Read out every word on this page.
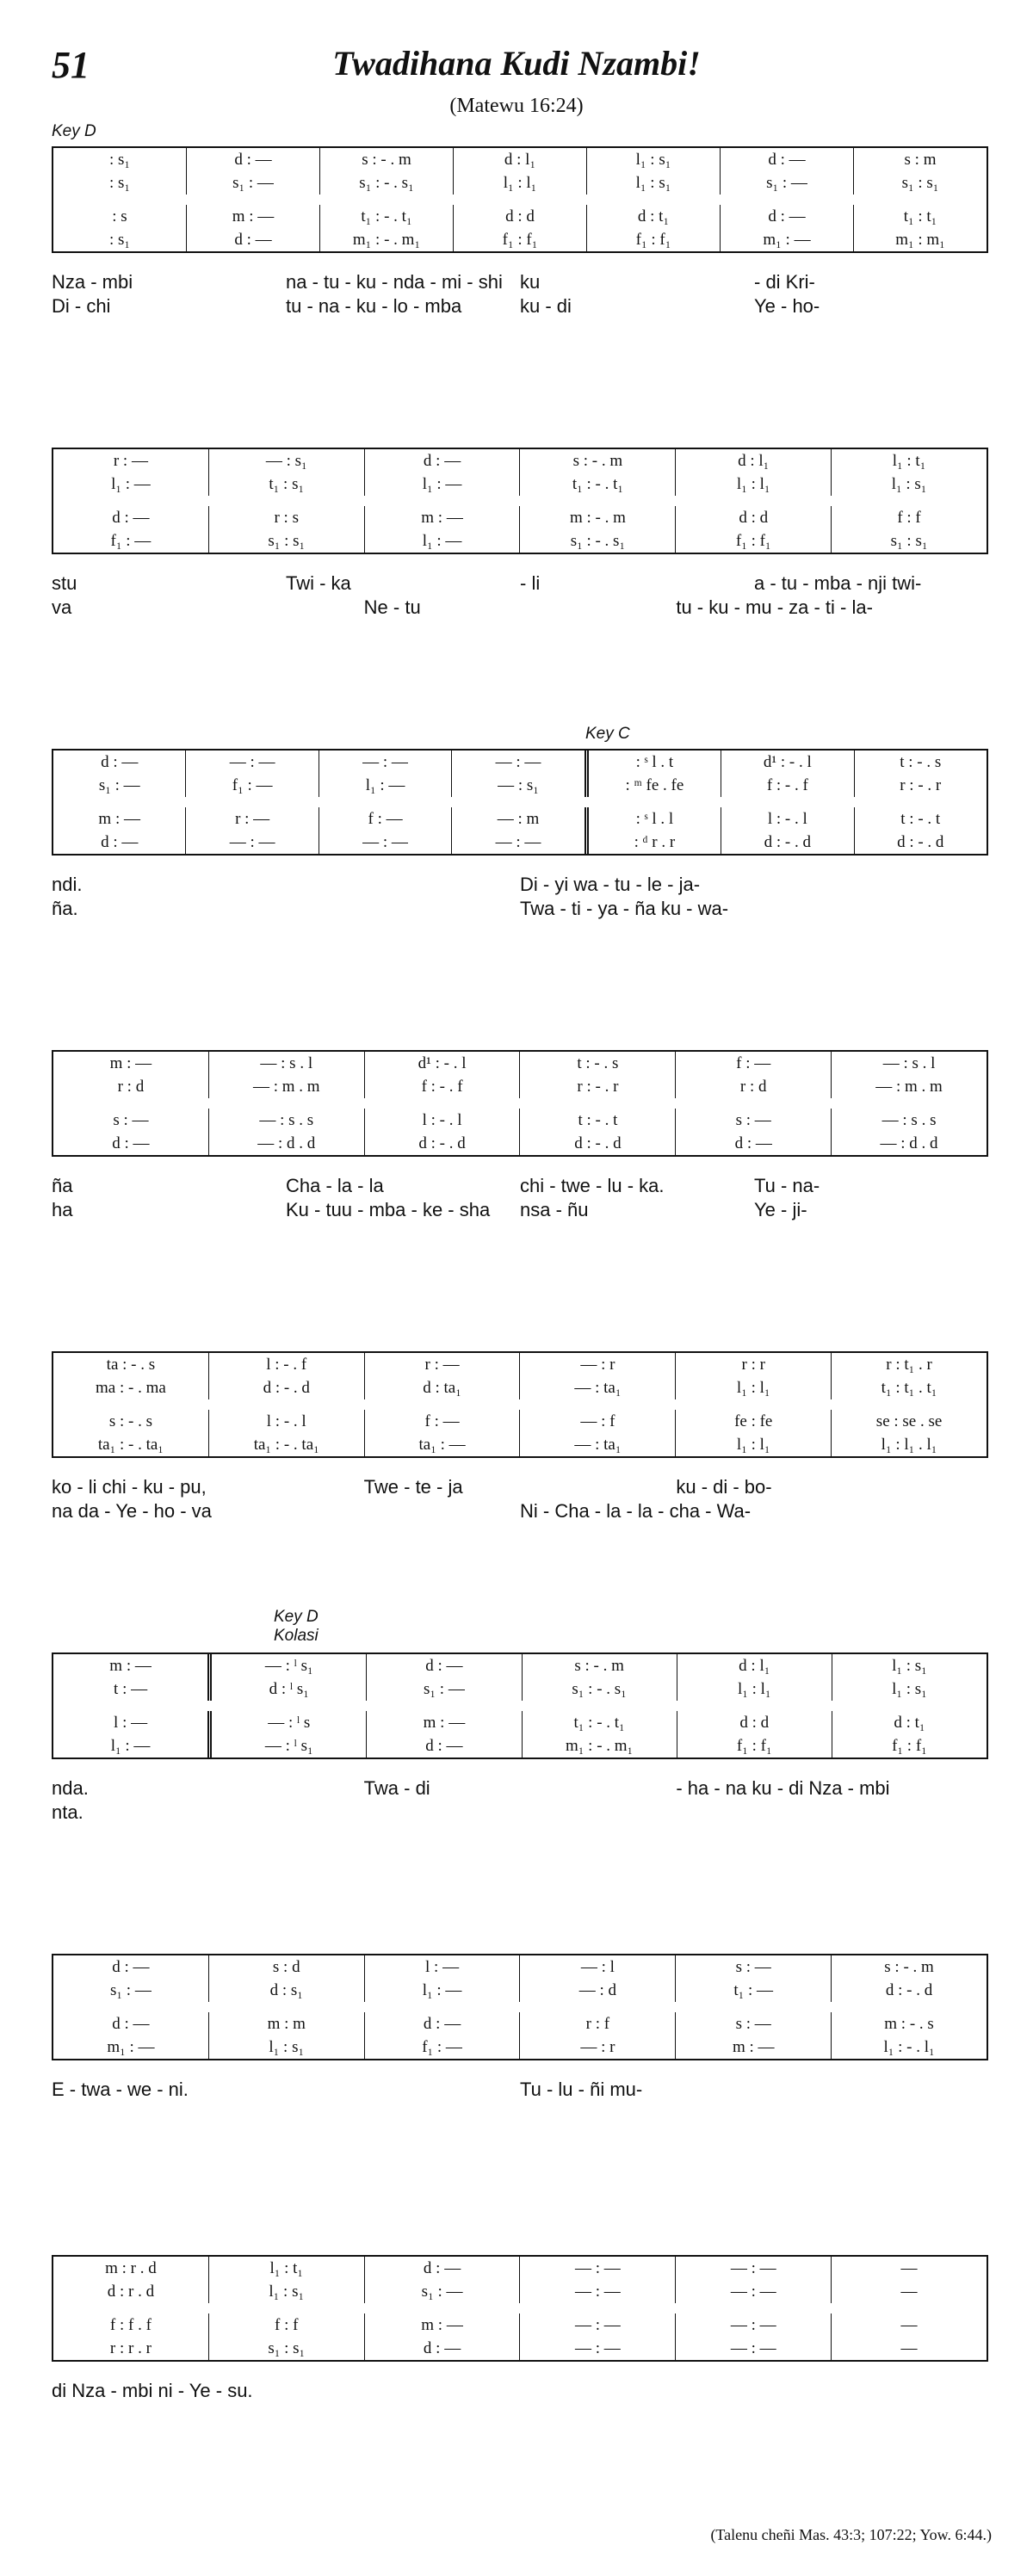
51	Twadihana Kudi Nzambi!
(Matewu 16:24)
Key D
: s₁	d : —	s : - . m	d : l₁	l₁ : s₁	d : —	s : m
: s₁	s₁ : —	s₁ : - . s₁	l₁ : l₁	l₁ : s₁	s₁ : —	s₁ : s₁
: s	m : —	t₁ : - . t₁	d : d	d : t₁	d : —	t₁ : t₁
: s₁	d : —	m₁ : - . m₁	f₁ : f₁	f₁ : f₁	m₁ : —	m₁ : m₁
Nza - mbi	na - tu - ku - nda - mi - shi ku	- di Kri-
Di - chi	tu - na - ku - lo - mba	ku - di	Ye - ho-
r : —	— : s₁	d : —	s : - . m	d : l₁	l₁ : t₁
l₁ : —	t₁ : s₁	l₁ : —	t₁ : - . t₁	l₁ : l₁	l₁ : s₁
d : —	r : s	m : —	m : - . m	d : d	f : f
f₁ : —	s₁ : s₁	l₁ : —	s₁ : - . s₁	f₁ : f₁	s₁ : s₁
stu	Twi - ka	- li	a - tu - mba - nji twi-
va	Ne - tu	tu - ku - mu - za - ti - la-
Key C
d : —	— : —	— : —	— : —	: ˢ l . t	d¹ : - . l	t : - . s
s₁ : —	f₁ : —	l₁ : —	— : s₁	: ᵐ fe . fe	f : - . f	r : - . r
m : —	r : —	f : —	— : m	: ˢ l . l	l : - . l	t : - . t
d : —	— : —	— : —	— : —	: ᵈ r . r	d : - . d	d : - . d
ndi.	Di - yi wa - tu - le - ja-
ña.	Twa - ti - ya - ña ku - wa-
m : —	— : s . l	d¹ : - . l	t : - . s	f : —	— : s . l
r : d	— : m . m	f : - . f	r : - . r	r : d	— : m . m
s : —	— : s . s	l : - . l	t : - . t	s : —	— : s . s
d : —	— : d . d	d : - . d	d : - . d	d : —	— : d . d
ña	Cha - la - la	chi - twe - lu - ka.	Tu - na-
ha	Ku - tuu - mba - ke - sha	nsa - ñu	Ye - ji-
ta : - . s	l : - . f	r : —	— : r	r : r	r : t₁ . r
ma : - . ma	d : - . d	d : ta₁	— : ta₁	l₁ : l₁	t₁ : t₁ . t₁
s : - . s	l : - . l	f : —	— : f	fe : fe	se : se . se
ta₁ : - . ta₁	ta₁ : - . ta₁	ta₁ : —	— : ta₁	l₁ : l₁	l₁ : l₁ . l₁
ko - li chi - ku - pu,	Twe - te - ja	ku - di - bo-
na da - Ye - ho - va	Ni - Cha - la - la - cha - Wa-
Key D
Kolasi
m : —	— : ˡ s₁	d : —	s : - . m	d : l₁	l₁ : s₁
t : —	d : ˡ s₁	s₁ : —	s₁ : - . s₁	l₁ : l₁	l₁ : s₁
l : —	— : ˡ s	m : —	t₁ : - . t₁	d : d	d : t₁
l₁ : —	— : ˡ s₁	d : —	m₁ : - . m₁	f₁ : f₁	f₁ : f₁
nda.	Twa - di	- ha - na ku - di Nza - mbi
nta.
d : —	s : d	l : —	— : l	s : —	s : - . m
s₁ : —	d : s₁	l₁ : —	— : d	t₁ : —	d : - . d
d : —	m : m	d : —	r : f	s : —	m : - . s
m₁ : —	l₁ : s₁	f₁ : —	— : r	m : —	l₁ : - . l₁
E - twa - we - ni.	Tu - lu - ñi mu-
m : r . d	l₁ : t₁	d : —	— : —	— : —	—
d : r . d	l₁ : s₁	s₁ : —	— : —	— : —	—
f : f . f	f : f	m : —	— : —	— : —	—
r : r . r	s₁ : s₁	d : —	— : —	— : —	—
di Nza - mbi ni - Ye - su.
(Talenu cheñi Mas. 43:3; 107:22; Yow. 6:44.)
